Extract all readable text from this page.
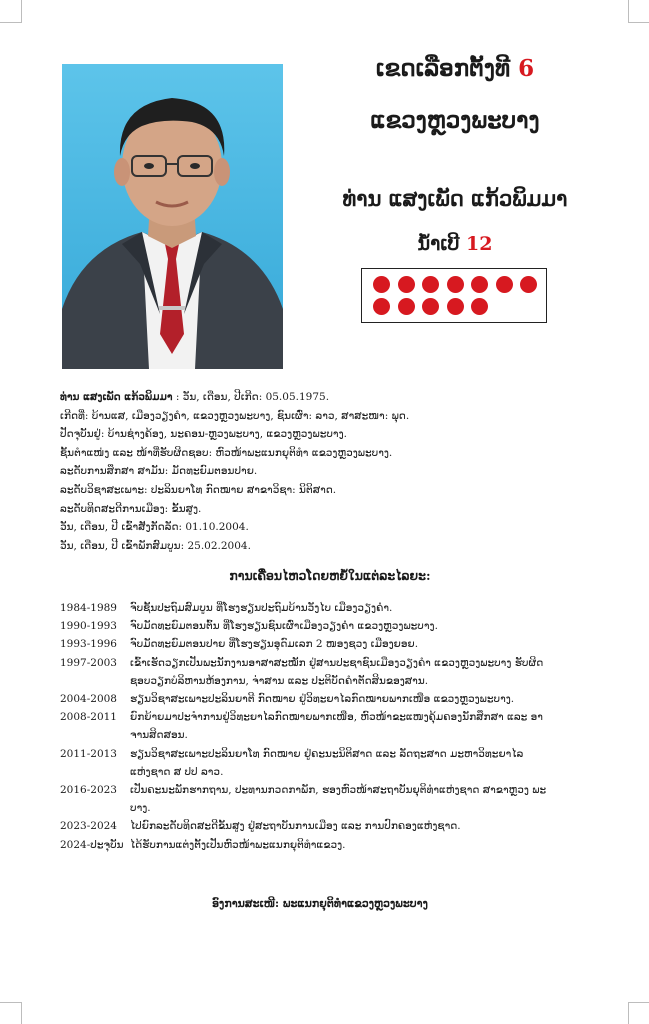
ເຂດເລືອກຕັ້ງທີ 6
ແຂວງຫຼວງພະບາງ
ທ່ານ ແສງເພັດ ແກ້ວພິມມາ
ນໍ້າເບີ 12
ທ່ານ ແສງເພັດ ແກ້ວພິມມາ : ວັນ, ເດືອນ, ປີເກີດ: 05.05.1975.
ເກີດທີ່: ບ້ານແສ, ເມືອງວຽງຄຳ, ແຂວງຫຼວງພະບາງ, ຊົນເຜົ່າ: ລາວ, ສາສະໜາ: ພຸດ.
ປັດຈຸບັນຢູ່: ບ້ານຊ່າງຄ້ອງ, ນະຄອນ-ຫຼວງພະບາງ, ແຂວງຫຼວງພະບາງ.
ຊັ້ນຕຳແໜ່ງ ແລະ ໜ້າທີ່ຮັບຜິດຊອບ: ຫົວໜ້າພະແນກຍຸຕິທຳ ແຂວງຫຼວງພະບາງ.
ລະດັບການສຶກສາ ສາມັນ: ມັດທະຍົມຕອນປາຍ.
ລະດັບວິຊາສະເພາະ: ປະລິນຍາໂທ ກົດໝາຍ ສາຂາວິຊາ: ນິຕິສາດ.
ລະດັບທິດສະດີການເມືອງ: ຂັ້ນສູງ.
ວັນ, ເດືອນ, ປີ ເຂົ້າສັງກັດລັດ: 01.10.2004.
ວັນ, ເດືອນ, ປີ ເຂົ້າພັກສົມບູນ: 25.02.2004.
ການເຄື່ອນໄຫວໂດຍຫຍໍ້ໃນແຕ່ລະໄລຍະ:
1984-1989	ຈົບຊັ້ນປະຖົມສົມບູນ ທີ່ໂຮງຮຽນປະຖົມບ້ານວັງໄບ ເມືອງວຽງຄຳ.
1990-1993	ຈົບມັດທະຍົມຕອນຕົ້ນ ທີ່ໂຮງຮຽນຊົນເຜົ່າເມືອງວຽງຄຳ ແຂວງຫຼວງພະບາງ.
1993-1996	ຈົບມັດທະຍົມຕອນປາຍ ທີ່ໂຮງຮຽນອຸດົມເລກ 2 ໜອງຊວງ ເມືອງຍອຍ.
1997-2003	ເຂົ້າເຮັດວຽກເປັນພະນັກງານອາສາສະໝັກ ຢູ່ສານປະຊາຊົນເມືອງວຽງຄຳ ແຂວງຫຼວງພະບາງ ຮັບຜິດ ຊອບວຽກບໍລິຫານຫ້ອງການ, ຈ່າສານ ແລະ ປະຕິບັດຄຳຕັດສິນຂອງສານ.
2004-2008	ຮຽນວິຊາສະເພາະປະລິນຍາຕີ ກົດໝາຍ ຢູ່ວິທະຍາໄລກົດໝາຍພາກເໜືອ ແຂວງຫຼວງພະບາງ.
2008-2011	ຍົກຍ້າຍມາປະຈຳການຢູ່ວິທະຍາໄລກົດໝາຍພາກເໜືອ, ຫົວໜ້າຂະແໜງຄຸ້ມຄອງນັກສຶກສາ ແລະ ອາ ຈານສິດສອນ.
2011-2013	ຮຽນວິຊາສະເພາະປະລິນຍາໂທ ກົດໝາຍ ຢູ່ຄະນະນິຕິສາດ ແລະ ລັດຖະສາດ ມະຫາວິທະຍາໄລ ແຫ່ງຊາດ ສ ປປ ລາວ.
2016-2023	ເປັນຄະນະພັກຮາກຖານ, ປະທານກວດກາພັກ, ຮອງຫົວໜ້າສະຖາບັນຍຸຕິທຳແຫ່ງຊາດ ສາຂາຫຼວງ ພະບາງ.
2023-2024	ໄປຍົກລະດັບທິດສະດີຂັ້ນສູງ ຢູ່ສະຖາບັນການເມືອງ ແລະ ການປົກຄອງແຫ່ງຊາດ.
2024-ປະຈຸບັນ ໄດ້ຮັບການແຕ່ງຕັ້ງເປັນຫົວໜ້າພະແນກຍຸຕິທຳແຂວງ.
ອົງການສະເໜີ: ພະແນກຍຸຕິທຳແຂວງຫຼວງພະບາງ
